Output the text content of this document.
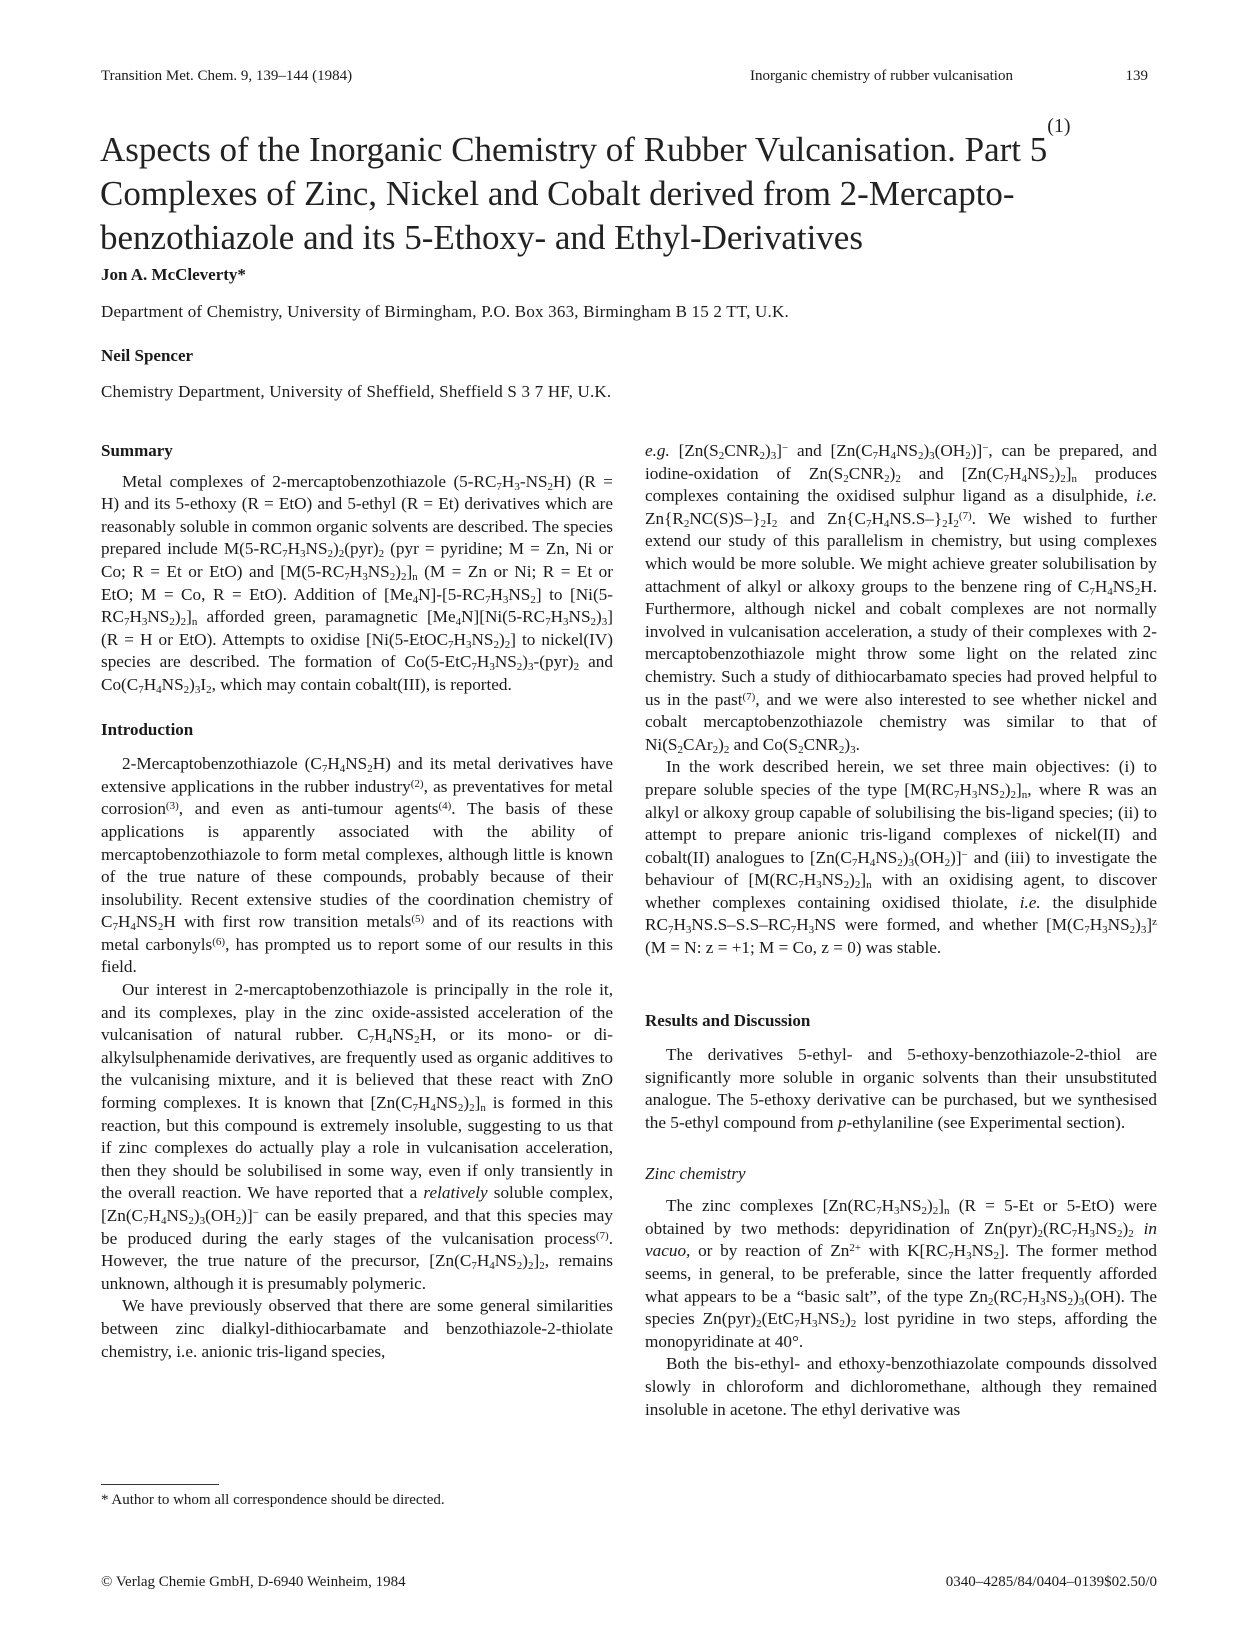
Transition Met. Chem. 9, 139–144 (1984)	Inorganic chemistry of rubber vulcanisation	139
Aspects of the Inorganic Chemistry of Rubber Vulcanisation. Part 5$^{(1)}$
Complexes of Zinc, Nickel and Cobalt derived from 2-Mercapto-
benzothiazole and its 5-Ethoxy- and Ethyl-Derivatives
Jon A. McCleverty*
Department of Chemistry, University of Birmingham, P.O. Box 363, Birmingham B 15 2 TT, U.K.
Neil Spencer
Chemistry Department, University of Sheffield, Sheffield S 3 7 HF, U.K.
Summary

Metal complexes of 2-mercaptobenzothiazole $(5-RC_7H_3-NS_2H) (R = H)$ and its 5-ethoxy (R = EtO) and 5-ethyl (R = Et) derivatives which are reasonably soluble in common organic solvents are described. The species prepared include $M(5-RC_7H_3NS_2)_2(pyr)_2$ (pyr = pyridine; M = Zn, Ni or Co; R = Et or EtO) and $[M(5-RC_7H_3NS_2)_2]_n$ (M = Zn or Ni; R = Et or EtO; M = Co, R = EtO). Addition of $[Me_4N]-[5-RC_7H_3NS_2]$ to $[Ni(5-RC_7H_3NS_2)_2]_n$ afforded green, paramagnetic $[Me_4N][Ni(5-RC_7H_3NS_2)_3] (R = H$ or EtO). Attempts to oxidise $[Ni(5-EtOC_7H_3NS_2)_2]$ to nickel(IV) species are described. The formation of $Co(5-EtC_7H_3NS_2)_3-(pyr)_2$ and $Co(C_7H_4NS_2)_3I_2$, which may contain cobalt(III), is reported.

Introduction

2-Mercaptobenzothiazole $(C_7H_4NS_2H)$ and its metal derivatives have extensive applications in the rubber industry$^{(2)}$, as preventatives for metal corrosion$^{(3)}$, and even as anti-tumour agents$^{(4)}$. The basis of these applications is apparently associated with the ability of mercaptobenzothiazole to form metal complexes, although little is known of the true nature of these compounds, probably because of their insolubility. Recent extensive studies of the coordination chemistry of $C_7H_4NS_2H$ with first row transition metals$^{(5)}$ and of its reactions with metal carbonyls$^{(6)}$, has prompted us to report some of our results in this field.

Our interest in 2-mercaptobenzothiazole is principally in the role it, and its complexes, play in the zinc oxide-assisted acceleration of the vulcanisation of natural rubber. $C_7H_4NS_2H$, or its mono- or di-alkylsulphenamide derivatives, are frequently used as organic additives to the vulcanising mixture, and it is believed that these react with ZnO forming complexes. It is known that $[Zn(C_7H_4NS_2)_2]_n$ is formed in this reaction, but this compound is extremely insoluble, suggesting to us that if zinc complexes do actually play a role in vulcanisation acceleration, then they should be solubilised in some way, even if only transiently in the overall reaction. We have reported that a relatively soluble complex, $[Zn(C_7H_4NS_2)_3(OH_2)]^-$ can be easily prepared, and that this species may be produced during the early stages of the vulcanisation process$^{(7)}$. However, the true nature of the precursor, $[Zn(C_7H_4NS_2)_2]_2$, remains unknown, although it is presumably polymeric.

We have previously observed that there are some general similarities between zinc dialkyl-dithiocarbamate and benzothiazole-2-thiolate chemistry, i.e. anionic tris-ligand species,

* Author to whom all correspondence should be directed.

e.g. $[Zn(S_2CNR_2)_3]^-$ and $[Zn(C_7H_4NS_2)_3(OH_2)]^-$, can be prepared, and iodine-oxidation of $Zn(S_2CNR_2)_2$ and $[Zn(C_7H_4NS_2)_2]_n$ produces complexes containing the oxidised sulphur ligand as a disulphide, i.e. $Zn\{R_2NC(S)S-\}_2I_2$ and $Zn\{C_7H_4NS.S-\}_2I_2^{(7)}$. We wished to further extend our study of this parallelism in chemistry, but using complexes which would be more soluble. We might achieve greater solubilisation by attachment of alkyl or alkoxy groups to the benzene ring of $C_7H_4NS_2H$. Furthermore, although nickel and cobalt complexes are not normally involved in vulcanisation acceleration, a study of their complexes with 2-mercaptobenzothiazole might throw some light on the related zinc chemistry. Such a study of dithiocarbamato species had proved helpful to us in the past$^{(7)}$, and we were also interested to see whether nickel and cobalt mercaptobenzothiazole chemistry was similar to that of $Ni(S_2CAr_2)_2$ and $Co(S_2CNR_2)_3$.

In the work described herein, we set three main objectives: (i) to prepare soluble species of the type $[M(RC_7H_3NS_2)_2]_n$, where R was an alkyl or alkoxy group capable of solubilising the bis-ligand species; (ii) to attempt to prepare anionic tris-ligand complexes of nickel(II) and cobalt(II) analogues to $[Zn(C_7H_4NS_2)_3(OH_2)]^-$ and (iii) to investigate the behaviour of $[M(RC_7H_3NS_2)_2]_n$ with an oxidising agent, to discover whether complexes containing oxidised thiolate, i.e. the disulphide $RC_7H_3NS.S-S.S-RC_7H_3NS$ were formed, and whether $[M(C_7H_3NS_2)_3]^z$ (M = N: z = +1; M = Co, z = 0) was stable.

Results and Discussion

The derivatives 5-ethyl- and 5-ethoxy-benzothiazole-2-thiol are significantly more soluble in organic solvents than their unsubstituted analogue. The 5-ethoxy derivative can be purchased, but we synthesised the 5-ethyl compound from p-ethylaniline (see Experimental section).

Zinc chemistry

The zinc complexes $[Zn(RC_7H_3NS_2)_2]_n$ (R = 5-Et or 5-EtO) were obtained by two methods: depyridination of $Zn(pyr)_2(RC_7H_3NS_2)_2$ in vacuo, or by reaction of $Zn^{2+}$ with $K[RC_7H_3NS_2]$. The former method seems, in general, to be preferable, since the latter frequently afforded what appears to be a “basic salt”, of the type $Zn_2(RC_7H_3NS_2)_3(OH)$. The species $Zn(pyr)_2(EtC_7H_3NS_2)_2$ lost pyridine in two steps, affording the monopyridinate at 40°.

Both the bis-ethyl- and ethoxy-benzothiazolate compounds dissolved slowly in chloroform and dichloromethane, although they remained insoluble in acetone. The ethyl derivative was

© Verlag Chemie GmbH, D-6940 Weinheim, 1984	0340–4285/84/0404–0139$02.50/0
